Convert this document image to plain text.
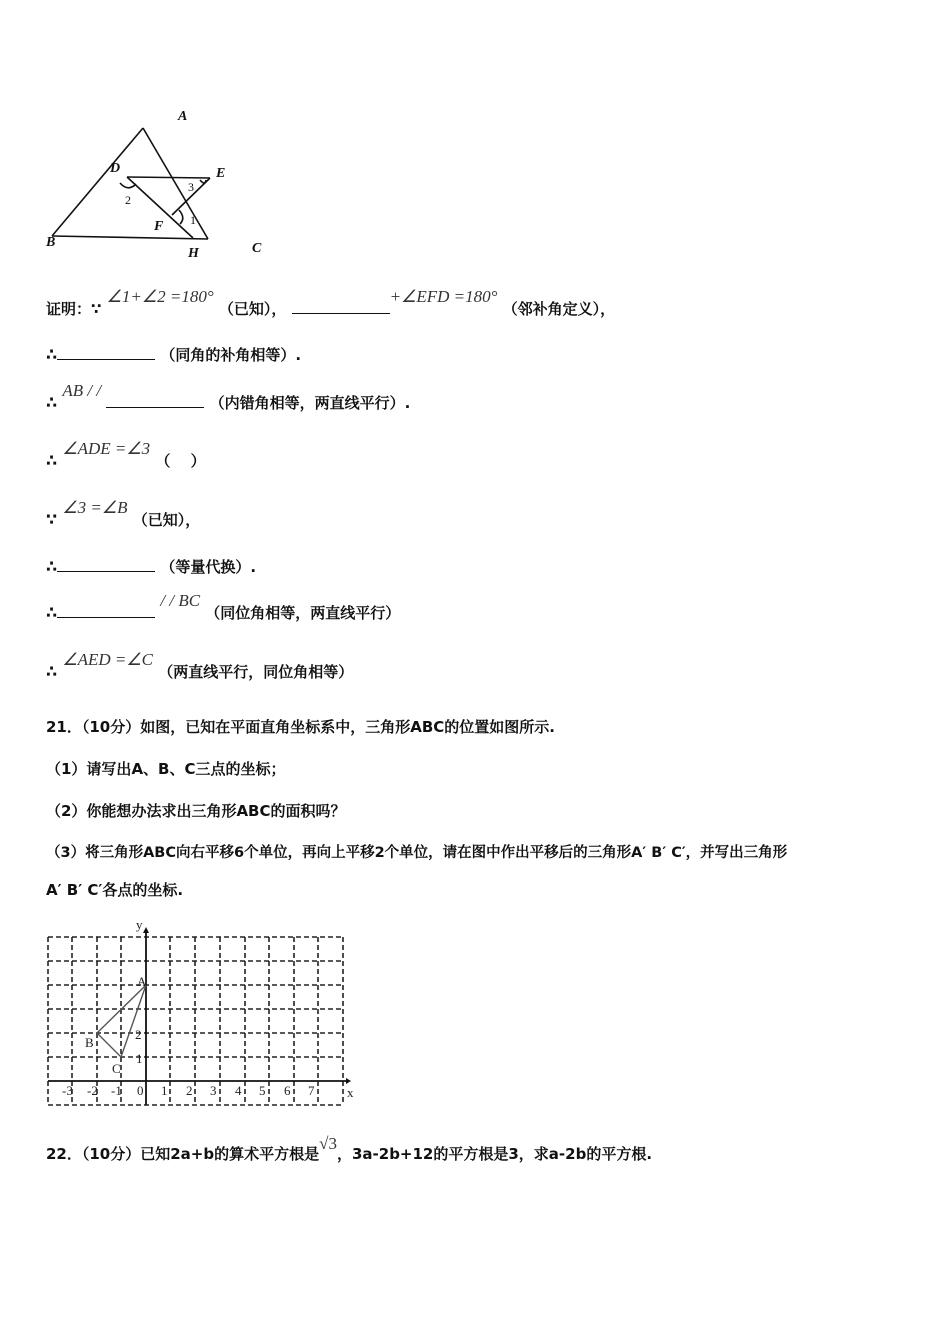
A
D	E
F
B
H	C
2
3
1
证明：∵ ∠1+∠2 =180° （已知）， +∠EFD =180° （邻补角定义），
∴	（同角的补角相等）.
∴ AB / /  （内错角相等，两直线平行）.
∴ ∠ADE =∠3 （　 ）
∵ ∠3 =∠B （已知），
∴	（等量代换）.
∴ / / BC （同位角相等，两直线平行）
∴ ∠AED =∠C （两直线平行，同位角相等）
21．（10分）如图，已知在平面直角坐标系中，三角形ABC的位置如图所示.
（1）请写出A、B、C三点的坐标；
（2）你能想办法求出三角形ABC的面积吗？
（3）将三角形ABC向右平移6个单位，再向上平移2个单位，请在图中作出平移后的三角形A′ B′ C′，并写出三角形
A′ B′ C′各点的坐标.
y
x
-3 -2 -1 0 1 2 3 4 5 6 7
1
2
A
B
C
22．（10分）已知2a+b的算术平方根是√3，3a-2b+12的平方根是3，求a-2b的平方根.
